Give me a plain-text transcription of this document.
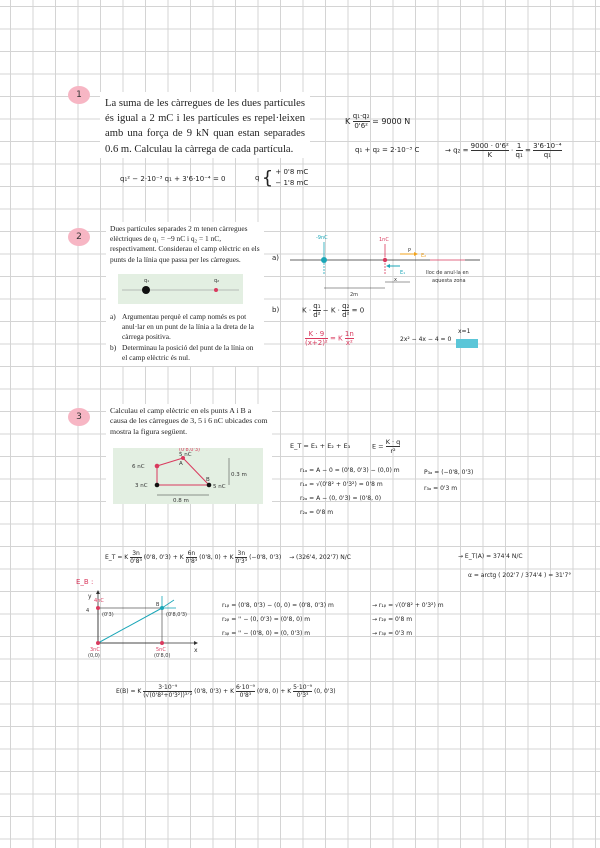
1
La suma de les càrregues de les dues partícules és igual a 2 mC i les partícules es repel·leixen amb una força de 9 kN quan estan separades 0.6 m. Calculau la càrrega de cada partícula.
K $\frac{\text{q₁·q₂}}{\text{0'6²}} = 9000$ N
q₁ + q₂ = 2·10⁻³ C	→ $q_2 = \frac{\text{9000 · 0'6²}}{K} \cdot \frac{1}{\text{q₁}} = \frac{\text{3'6·10⁻⁴}}{\text{q₁}}$
q₁² − 2·10⁻³ q₁ + 3'6·10⁻⁴ = 0	q { + 0'8 mC
− 1'8 mC
2
Dues partícules separades 2 m tenen càrregues elèctriques de q₁ = −9 nC i q₂ = 1 nC, respectivament. Considerau el camp elèctric en els punts de la línia que passa per les càrregues.
q₁	q₂
a) Argumentau perquè el camp només es pot anul·lar en un punt de la línia a la dreta de la càrrega positiva.
b) Determinau la posició del punt de la línia on el camp elèctric és nul.
a)
-9nC	1nC
E₂
E₁
P
2m
x
lloc de anul·la en
aquesta zona
b)	$K \cdot \frac{\text{q₁}}{\text{d²}} - K \cdot \frac{\text{q₂}}{\text{d²}} = 0$
$\frac{K \cdot 9}{\text{(x+2)²}} = K \frac{1n}{\text{x²}}$	2x² − 4x − 4 = 0
x=1
3
Calculau el camp elèctric en els punts A i B a causa de les càrregues de 3, 5 i 6 nC ubicades com mostra la figura següent.
6 nC
5 nC
3 nC
5 nC
A
B
0.8 m
0.3 m
(0'8,0'3)	E_T = E₁ + E₂ + E₃	$E = \frac{K \cdot q}{\text{r²}}$
r₁ₐ = A − 0 = (0'8, 0'3) − (0,0) m
r₁ₐ = √(0'8² + 0'3²) = 0'8 m
r₂ₐ = A − (0, 0'3) = (0'8, 0)
r₂ₐ = 0'8 m
P₃ₐ = (−0'8, 0'3)
r₃ₐ = 0'3 m
E_T = K $\frac{3n}{\text{0'8³}} (0'8$, 0'3) + K $\frac{6n}{\text{0'8³}} (0'8$, 0) + K $\frac{3n}{\text{0'3³}} (-0'8$, 0'3) → (326'4, 202'7) N/C	→ E_T(A) = 374'4 N/C
α = arctg ( 202'7 / 374'4 ) = 31'7°
E_B :
y
x
4nC
(0'3)	(0'8,0'3)
4
B
3nC
(0,0)
5nC
(0'8,0)
r₁ᵦ = (0'8, 0'3) − (0, 0) = (0'8, 0'3) m	→ r₁ᵦ = √(0'8² + 0'3²) m
r₂ᵦ = '' − (0, 0'3) = (0'8, 0) m	→ r₂ᵦ = 0'8 m
r₃ᵦ = '' − (0'8, 0) = (0, 0'3) m	→ r₃ᵦ = 0'3 m
E(B) = K
3·10⁻⁹
(√(0'8²+0'3²))³ᐟ²
(0'8, 0'3) + K $\frac{\text{6·10⁻⁹}}{\text{0'8³}} (0'8$, 0) + K $\frac{\text{5·10⁻⁹}}{\text{0'3³}} (0$, 0'3)
